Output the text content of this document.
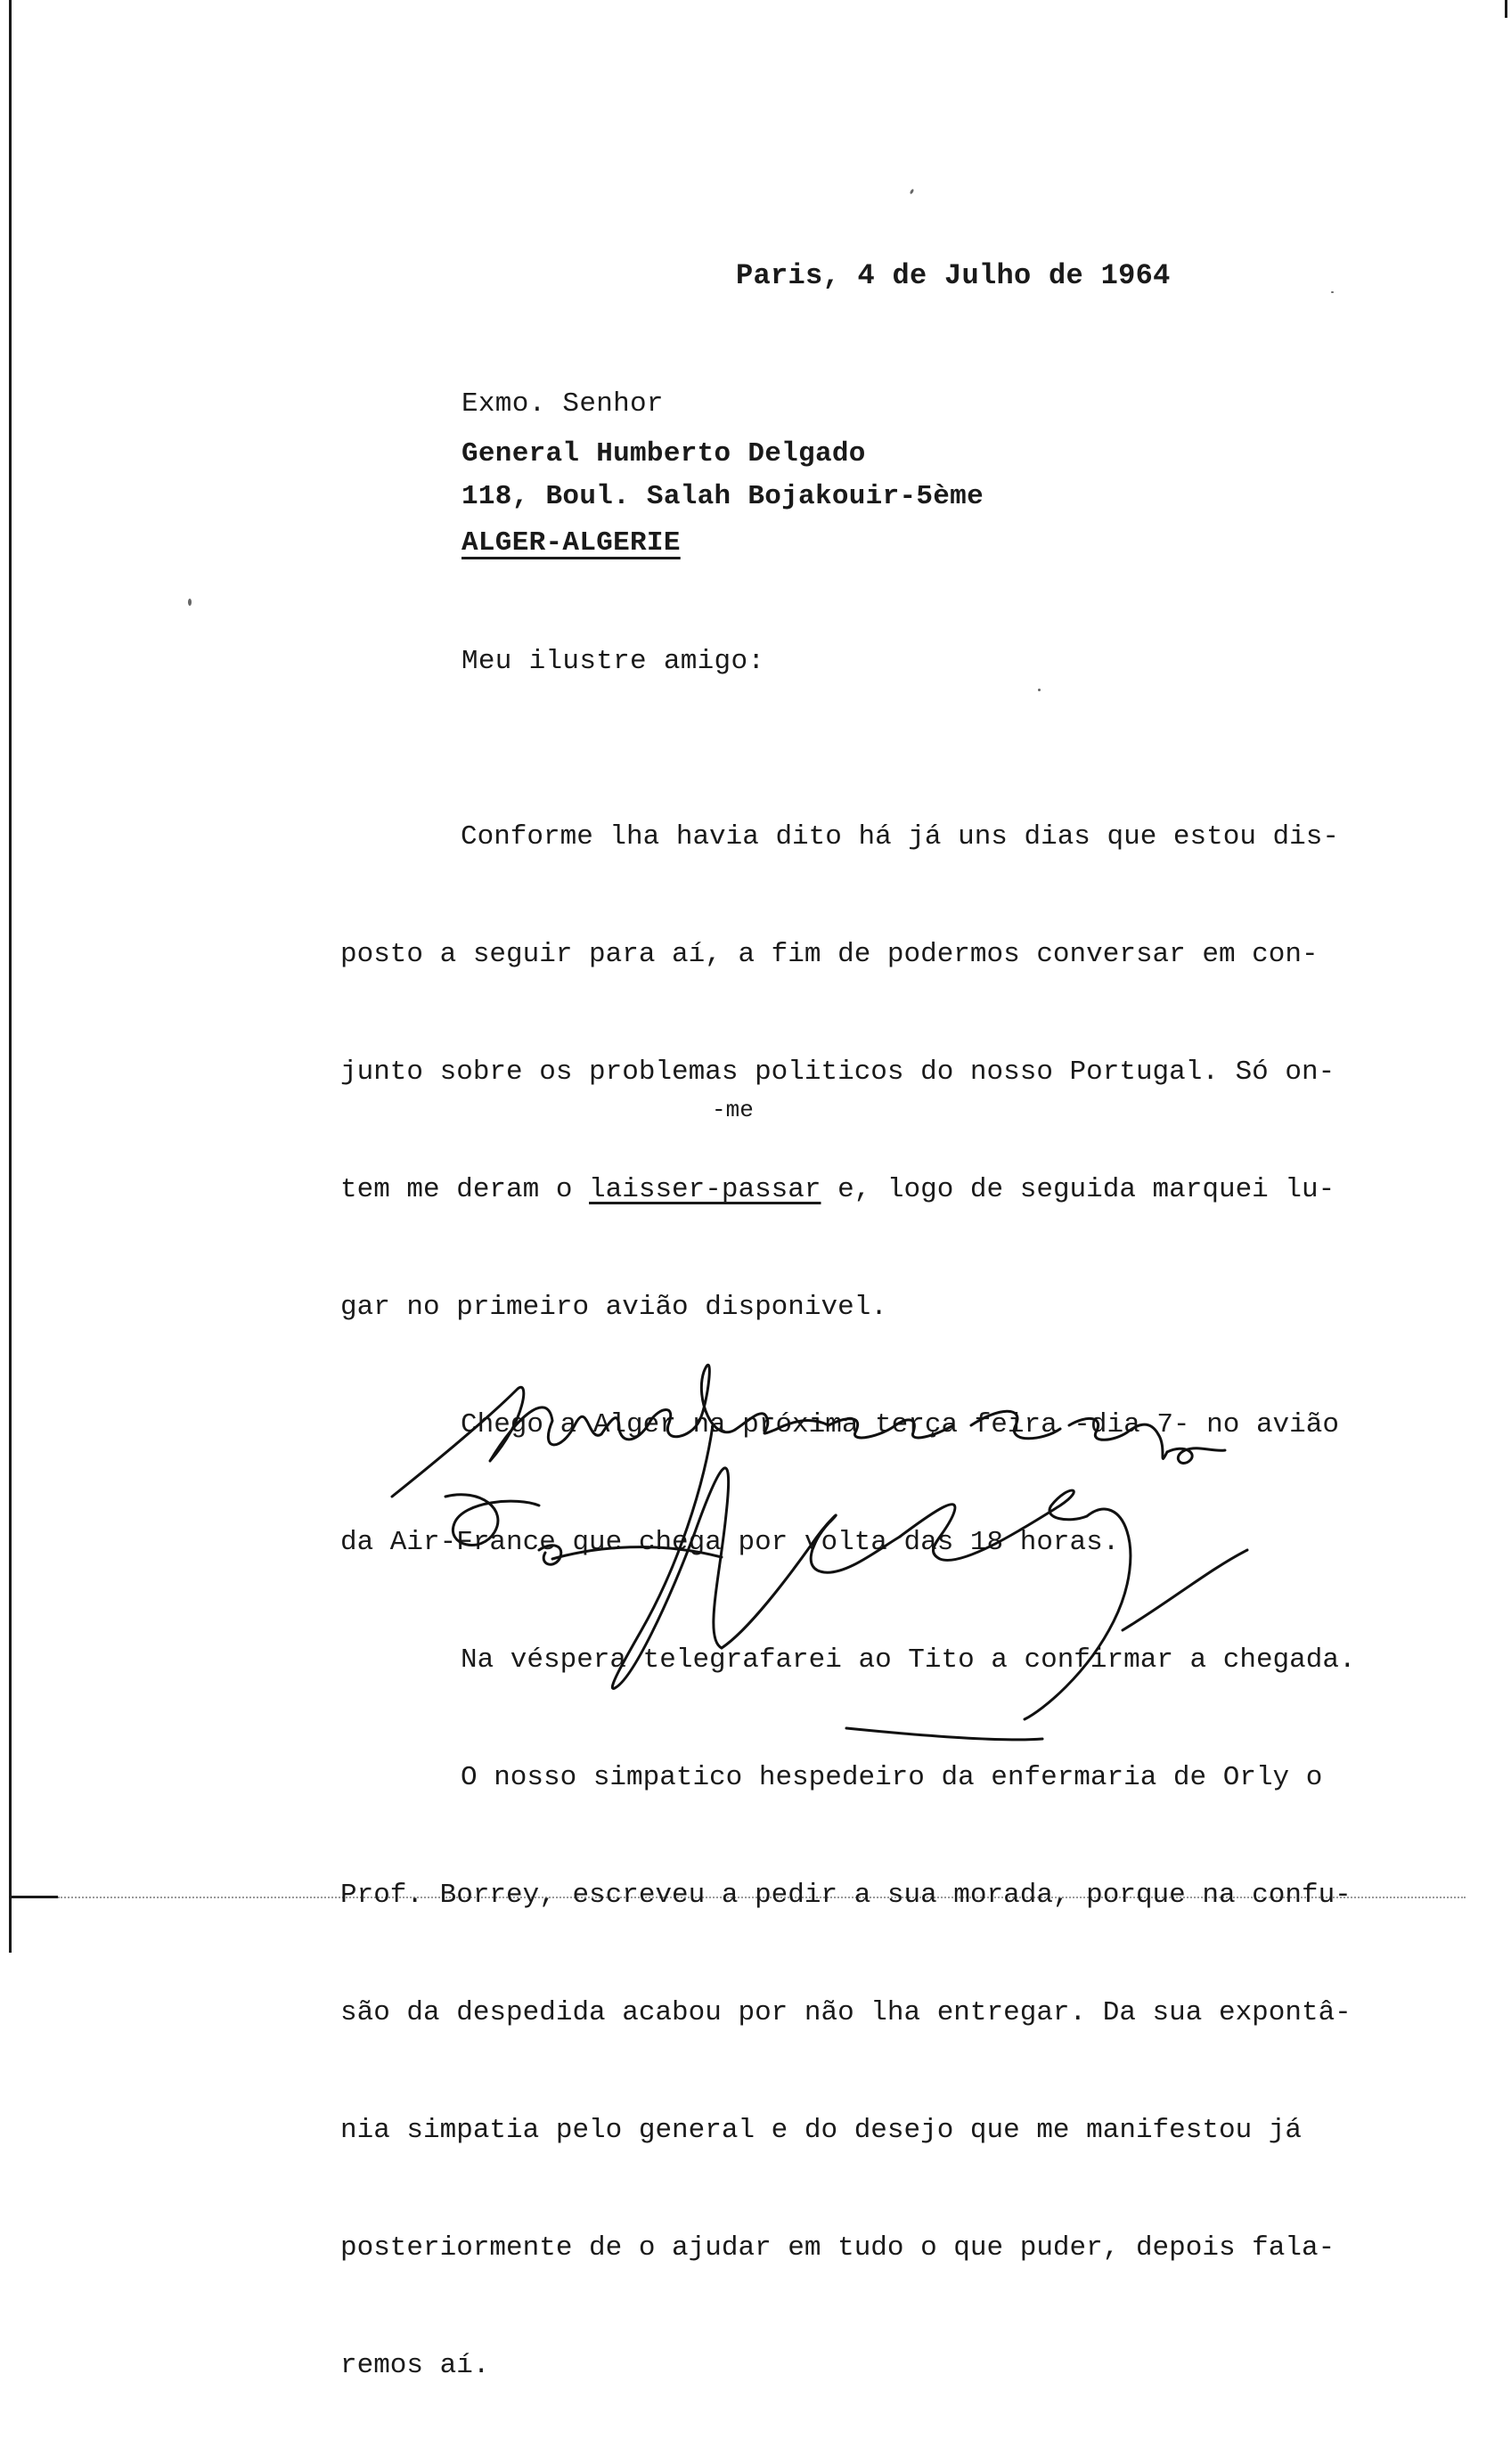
Paris, 4 de Julho de 1964
Exmo. Senhor
General Humberto Delgado
118, Boul. Salah Bojakouir-5ème
ALGER-ALGERIE
Meu ilustre amigo:

Conforme lha havia dito há já uns dias que estou dis-

posto a seguir para aí, a fim de podermos conversar em con-

junto sobre os problemas politicos do nosso Portugal. Só on-

tem me deram o laisser-passar e, logo de seguida marquei lu-

gar no primeiro avião disponivel.

Chego a Alger na próxima terça feira -dia 7- no avião

da Air-France que chega por volta das 18 horas.

Na véspera telegrafarei ao Tito a confirmar a chegada.

O nosso simpatico hespedeiro da enfermaria de Orly o

Prof. Borrey, escreveu a pedir a sua morada, porque na confu-

são da despedida acabou por não lha entregar. Da sua expontâ-

nia simpatia pelo general e do desejo que me manifestou já

posteriormente de o ajudar em tudo o que puder, depois fala-

remos aí.

-me
